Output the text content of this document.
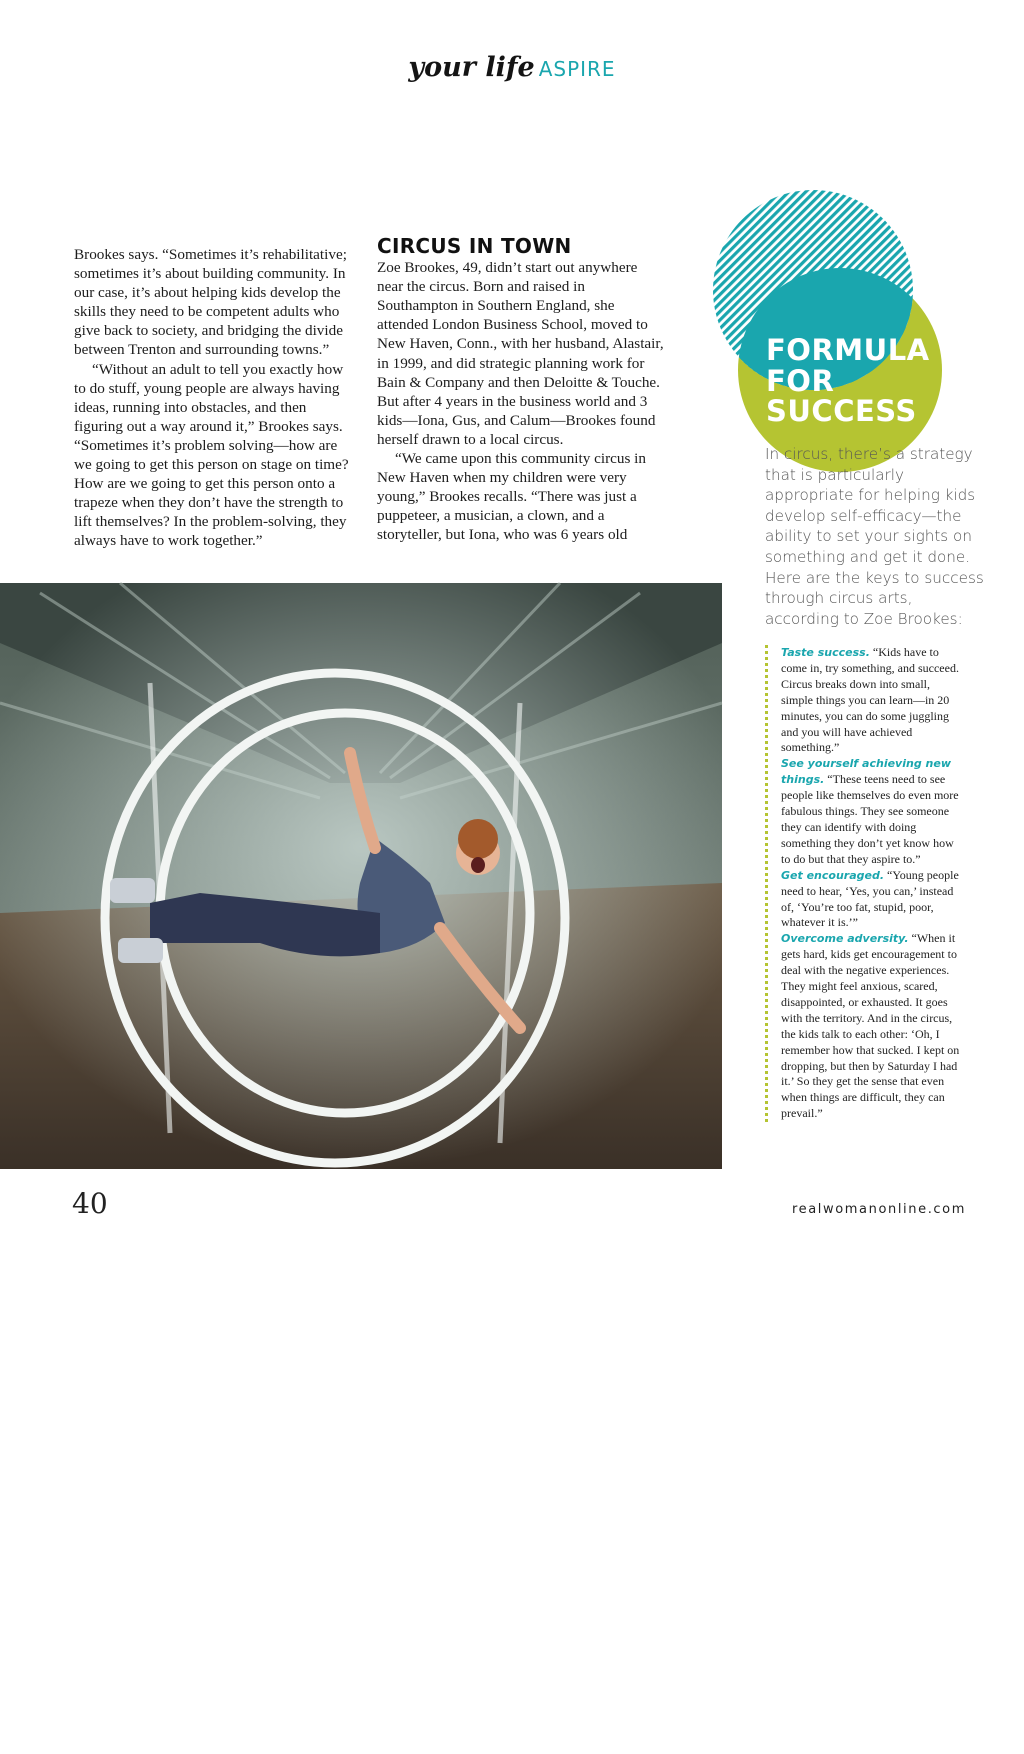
your life ASPIRE

Brookes says. “Sometimes it’s rehabilitative; sometimes it’s about building community. In our case, it’s about helping kids develop the skills they need to be competent adults who give back to society, and bridging the divide between Trenton and surrounding towns.”

“Without an adult to tell you exactly how to do stuff, young people are always having ideas, running into obstacles, and then figuring out a way around it,” Brookes says. “Sometimes it’s problem solving—how are we going to get this person on stage on time? How are we going to get this person onto a trapeze when they don’t have the strength to lift themselves? In the problem-solving, they always have to work together.”

CIRCUS IN TOWN

Zoe Brookes, 49, didn’t start out anywhere near the circus. Born and raised in Southampton in Southern England, she attended London Business School, moved to New Haven, Conn., with her husband, Alastair, in 1999, and did strategic planning work for Bain & Company and then Deloitte & Touche. But after 4 years in the business world and 3 kids—Iona, Gus, and Calum—Brookes found herself drawn to a local circus.

“We came upon this community circus in New Haven when my children were very young,” Brookes recalls. “There was just a puppeteer, a musician, a clown, and a storyteller, but Iona, who was 6 years old

FORMULA
FOR
SUCCESS
In circus, there’s a strategy that is particularly appropriate for helping kids develop self-efficacy—the ability to set your sights on something and get it done. Here are the keys to success through circus arts, according to Zoe Brookes:

Taste success. “Kids have to come in, try something, and succeed. Circus breaks down into small, simple things you can learn—in 20 minutes, you can do some juggling and you will have achieved something.”

See yourself achieving new things. “These teens need to see people like themselves do even more fabulous things. They see someone they can identify with doing something they don’t yet know how to do but that they aspire to.”

Get encouraged. “Young people need to hear, ‘Yes, you can,’ instead of, ‘You’re too fat, stupid, poor, whatever it is.’”

Overcome adversity. “When it gets hard, kids get encouragement to deal with the negative experiences. They might feel anxious, scared, disappointed, or exhausted. It goes with the territory. And in the circus, the kids talk to each other: ‘Oh, I remember how that sucked. I kept on dropping, but then by Saturday I had it.’ So they get the sense that even when things are difficult, they can prevail.”

Trenton Circus Squad provides a safe environment for kids to succeed at things they normally wouldn’t try.
40	realwomanonline.com
